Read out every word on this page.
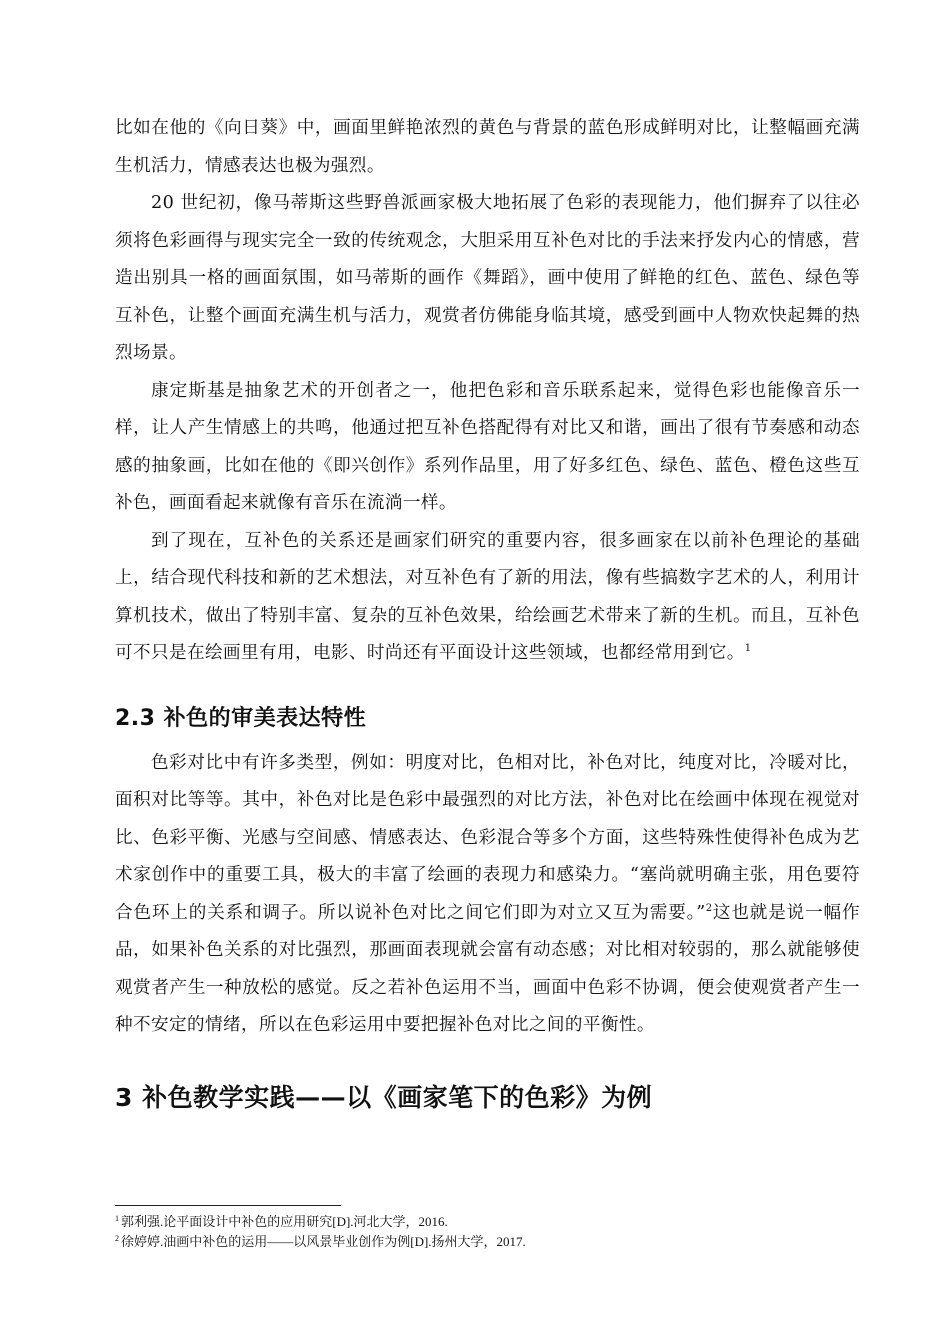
比如在他的《向日葵》中，画面里鲜艳浓烈的黄色与背景的蓝色形成鲜明对比，让整幅画充满生机活力，情感表达也极为强烈。

20 世纪初，像马蒂斯这些野兽派画家极大地拓展了色彩的表现能力，他们摒弃了以往必须将色彩画得与现实完全一致的传统观念，大胆采用互补色对比的手法来抒发内心的情感，营造出别具一格的画面氛围，如马蒂斯的画作《舞蹈》，画中使用了鲜艳的红色、蓝色、绿色等互补色，让整个画面充满生机与活力，观赏者仿佛能身临其境，感受到画中人物欢快起舞的热烈场景。

康定斯基是抽象艺术的开创者之一，他把色彩和音乐联系起来，觉得色彩也能像音乐一样，让人产生情感上的共鸣，他通过把互补色搭配得有对比又和谐，画出了很有节奏感和动态感的抽象画，比如在他的《即兴创作》系列作品里，用了好多红色、绿色、蓝色、橙色这些互补色，画面看起来就像有音乐在流淌一样。

到了现在，互补色的关系还是画家们研究的重要内容，很多画家在以前补色理论的基础上，结合现代科技和新的艺术想法，对互补色有了新的用法，像有些搞数字艺术的人，利用计算机技术，做出了特别丰富、复杂的互补色效果，给绘画艺术带来了新的生机。而且，互补色可不只是在绘画里有用，电影、时尚还有平面设计这些领域，也都经常用到它。$^1$

2.3 补色的审美表达特性

色彩对比中有许多类型，例如：明度对比，色相对比，补色对比，纯度对比，冷暖对比，面积对比等等。其中，补色对比是色彩中最强烈的对比方法，补色对比在绘画中体现在视觉对比、色彩平衡、光感与空间感、情感表达、色彩混合等多个方面，这些特殊性使得补色成为艺术家创作中的重要工具，极大的丰富了绘画的表现力和感染力。“塞尚就明确主张，用色要符合色环上的关系和调子。所以说补色对比之间它们即为对立又互为需要。”$^2$这也就是说一幅作品，如果补色关系的对比强烈，那画面表现就会富有动态感；对比相对较弱的，那么就能够使观赏者产生一种放松的感觉。反之若补色运用不当，画面中色彩不协调，便会使观赏者产生一种不安定的情绪，所以在色彩运用中要把握补色对比之间的平衡性。

3 补色教学实践——以《画家笔下的色彩》为例
$^1$ 郭利强.论平面设计中补色的应用研究[D].河北大学，2016.
$^2$ 徐婷婷.油画中补色的运用——以风景毕业创作为例[D].扬州大学，2017.
